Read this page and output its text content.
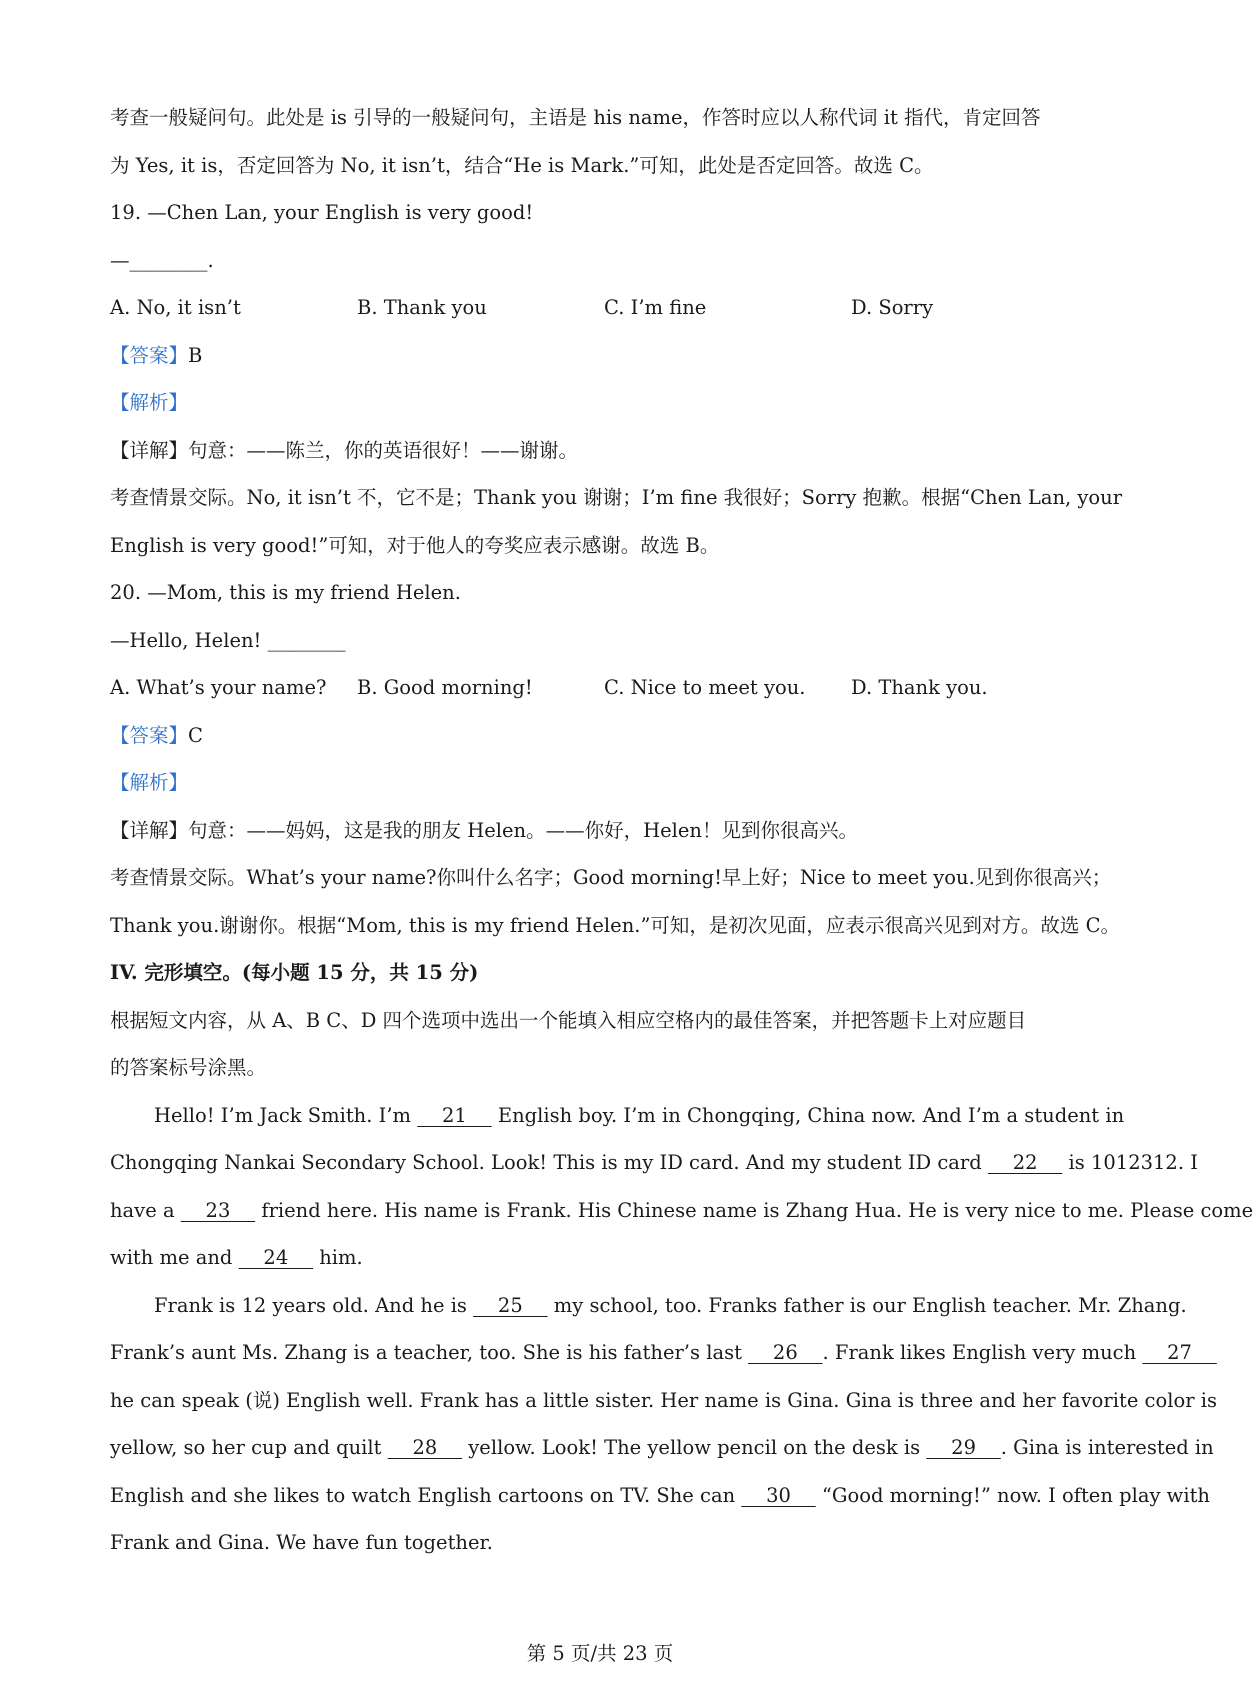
考查一般疑问句。此处是 is 引导的一般疑问句，主语是 his name，作答时应以人称代词 it 指代，肯定回答
为 Yes, it is，否定回答为 No, it isn’t，结合“He is Mark.”可知，此处是否定回答。故选 C。
19. —Chen Lan, your English is very good!
—________.
A. No, it isn’t	B. Thank you	C. I’m fine	D. Sorry
【答案】B
【解析】
【详解】句意：——陈兰，你的英语很好！——谢谢。
考查情景交际。No, it isn’t 不，它不是；Thank you 谢谢；I’m fine 我很好；Sorry 抱歉。根据“Chen Lan, your
English is very good!”可知，对于他人的夸奖应表示感谢。故选 B。
20. —Mom, this is my friend Helen.
—Hello, Helen! ________
A. What’s your name?	B. Good morning!	C. Nice to meet you.	D. Thank you.
【答案】C
【解析】
【详解】句意：——妈妈，这是我的朋友 Helen。——你好，Helen！见到你很高兴。
考查情景交际。What’s your name?你叫什么名字；Good morning!早上好；Nice to meet you.见到你很高兴；
Thank you.谢谢你。根据“Mom, this is my friend Helen.”可知，是初次见面，应表示很高兴见到对方。故选 C。
IV. 完形填空。(每小题 15 分，共 15 分)
根据短文内容，从 A、B C、D 四个选项中选出一个能填入相应空格内的最佳答案，并把答题卡上对应题目
的答案标号涂黑。
Hello! I’m Jack Smith. I’m     21     English boy. I’m in Chongqing, China now. And I’m a student in
Chongqing Nankai Secondary School. Look! This is my ID card. And my student ID card     22     is 1012312. I
have a     23     friend here. His name is Frank. His Chinese name is Zhang Hua. He is very nice to me. Please come
with me and     24     him.
Frank is 12 years old. And he is     25     my school, too. Franks father is our English teacher. Mr. Zhang.
Frank’s aunt Ms. Zhang is a teacher, too. She is his father’s last     26    . Frank likes English very much     27
he can speak (说) English well. Frank has a little sister. Her name is Gina. Gina is three and her favorite color is
yellow, so her cup and quilt     28     yellow. Look! The yellow pencil on the desk is     29    . Gina is interested in
English and she likes to watch English cartoons on TV. She can     30     “Good morning!” now. I often play with
Frank and Gina. We have fun together.
第 5 页/共 23 页
